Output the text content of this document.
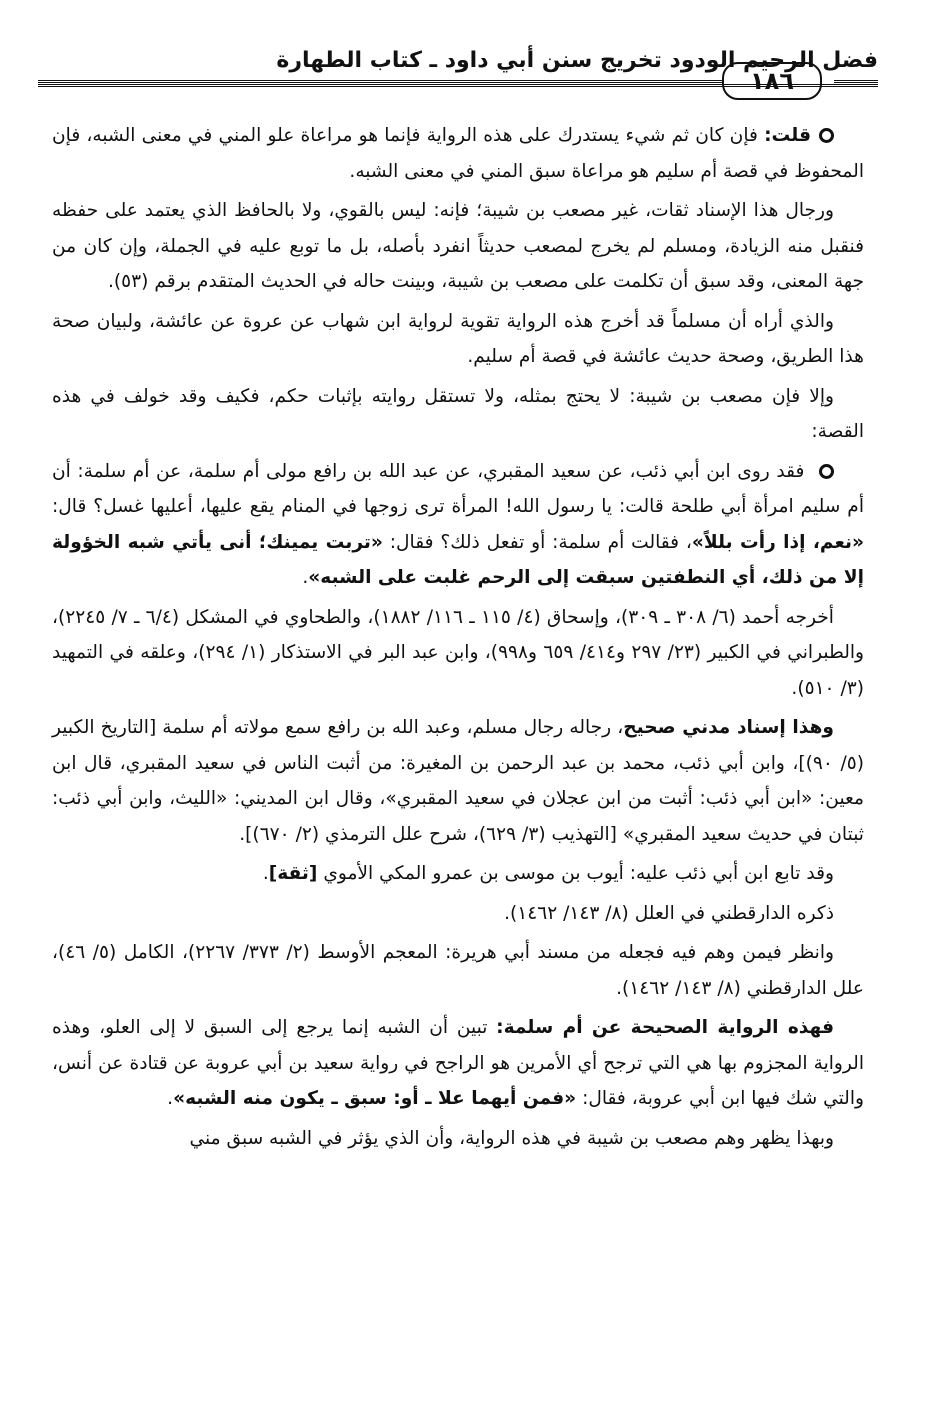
فضل الرحيم الودود تخريج سنن أبي داود ـ كتاب الطهارة
١٨٦

قلت: فإن كان ثم شيء يستدرك على هذه الرواية فإنما هو مراعاة علو المني في معنى الشبه، فإن المحفوظ في قصة أم سليم هو مراعاة سبق المني في معنى الشبه.

ورجال هذا الإسناد ثقات، غير مصعب بن شيبة؛ فإنه: ليس بالقوي، ولا بالحافظ الذي يعتمد على حفظه فنقبل منه الزيادة، ومسلم لم يخرج لمصعب حديثاً انفرد بأصله، بل ما توبع عليه في الجملة، وإن كان من جهة المعنى، وقد سبق أن تكلمت على مصعب بن شيبة، وبينت حاله في الحديث المتقدم برقم (٥٣).

والذي أراه أن مسلماً قد أخرج هذه الرواية تقوية لرواية ابن شهاب عن عروة عن عائشة، ولبيان صحة هذا الطريق، وصحة حديث عائشة في قصة أم سليم.

وإلا فإن مصعب بن شيبة: لا يحتج بمثله، ولا تستقل روايته بإثبات حكم، فكيف وقد خولف في هذه القصة:

فقد روى ابن أبي ذئب، عن سعيد المقبري، عن عبد الله بن رافع مولى أم سلمة، عن أم سلمة: أن أم سليم امرأة أبي طلحة قالت: يا رسول الله! المرأة ترى زوجها في المنام يقع عليها، أعليها غسل؟ قال: «نعم، إذا رأت بللاً»، فقالت أم سلمة: أو تفعل ذلك؟ فقال: «تربت يمينك؛ أنى يأتي شبه الخؤولة إلا من ذلك، أي النطفتين سبقت إلى الرحم غلبت على الشبه».

أخرجه أحمد (٦/ ٣٠٨ ـ ٣٠٩)، وإسحاق (٤/ ١١٥ ـ ١١٦/ ١٨٨٢)، والطحاوي في المشكل (٦/٤ ـ ٧/ ٢٢٤٥)، والطبراني في الكبير (٢٣/ ٢٩٧ و٤١٤/ ٦٥٩ و٩٩٨)، وابن عبد البر في الاستذكار (١/ ٢٩٤)، وعلقه في التمهيد (٣/ ٥١٠).

وهذا إسناد مدني صحيح، رجاله رجال مسلم، وعبد الله بن رافع سمع مولاته أم سلمة [التاريخ الكبير (٥/ ٩٠)]، وابن أبي ذئب، محمد بن عبد الرحمن بن المغيرة: من أثبت الناس في سعيد المقبري، قال ابن معين: «ابن أبي ذئب: أثبت من ابن عجلان في سعيد المقبري»، وقال ابن المديني: «الليث، وابن أبي ذئب: ثبتان في حديث سعيد المقبري» [التهذيب (٣/ ٦٢٩)، شرح علل الترمذي (٢/ ٦٧٠)].

وقد تابع ابن أبي ذئب عليه: أيوب بن موسى بن عمرو المكي الأموي [ثقة].

ذكره الدارقطني في العلل (٨/ ١٤٣/ ١٤٦٢).

وانظر فيمن وهم فيه فجعله من مسند أبي هريرة: المعجم الأوسط (٢/ ٣٧٣/ ٢٢٦٧)، الكامل (٥/ ٤٦)، علل الدارقطني (٨/ ١٤٣/ ١٤٦٢).

فهذه الرواية الصحيحة عن أم سلمة: تبين أن الشبه إنما يرجع إلى السبق لا إلى العلو، وهذه الرواية المجزوم بها هي التي ترجح أي الأمرين هو الراجح في رواية سعيد بن أبي عروبة عن قتادة عن أنس، والتي شك فيها ابن أبي عروبة، فقال: «فمن أيهما علا ـ أو: سبق ـ يكون منه الشبه».

وبهذا يظهر وهم مصعب بن شيبة في هذه الرواية، وأن الذي يؤثر في الشبه سبق مني
